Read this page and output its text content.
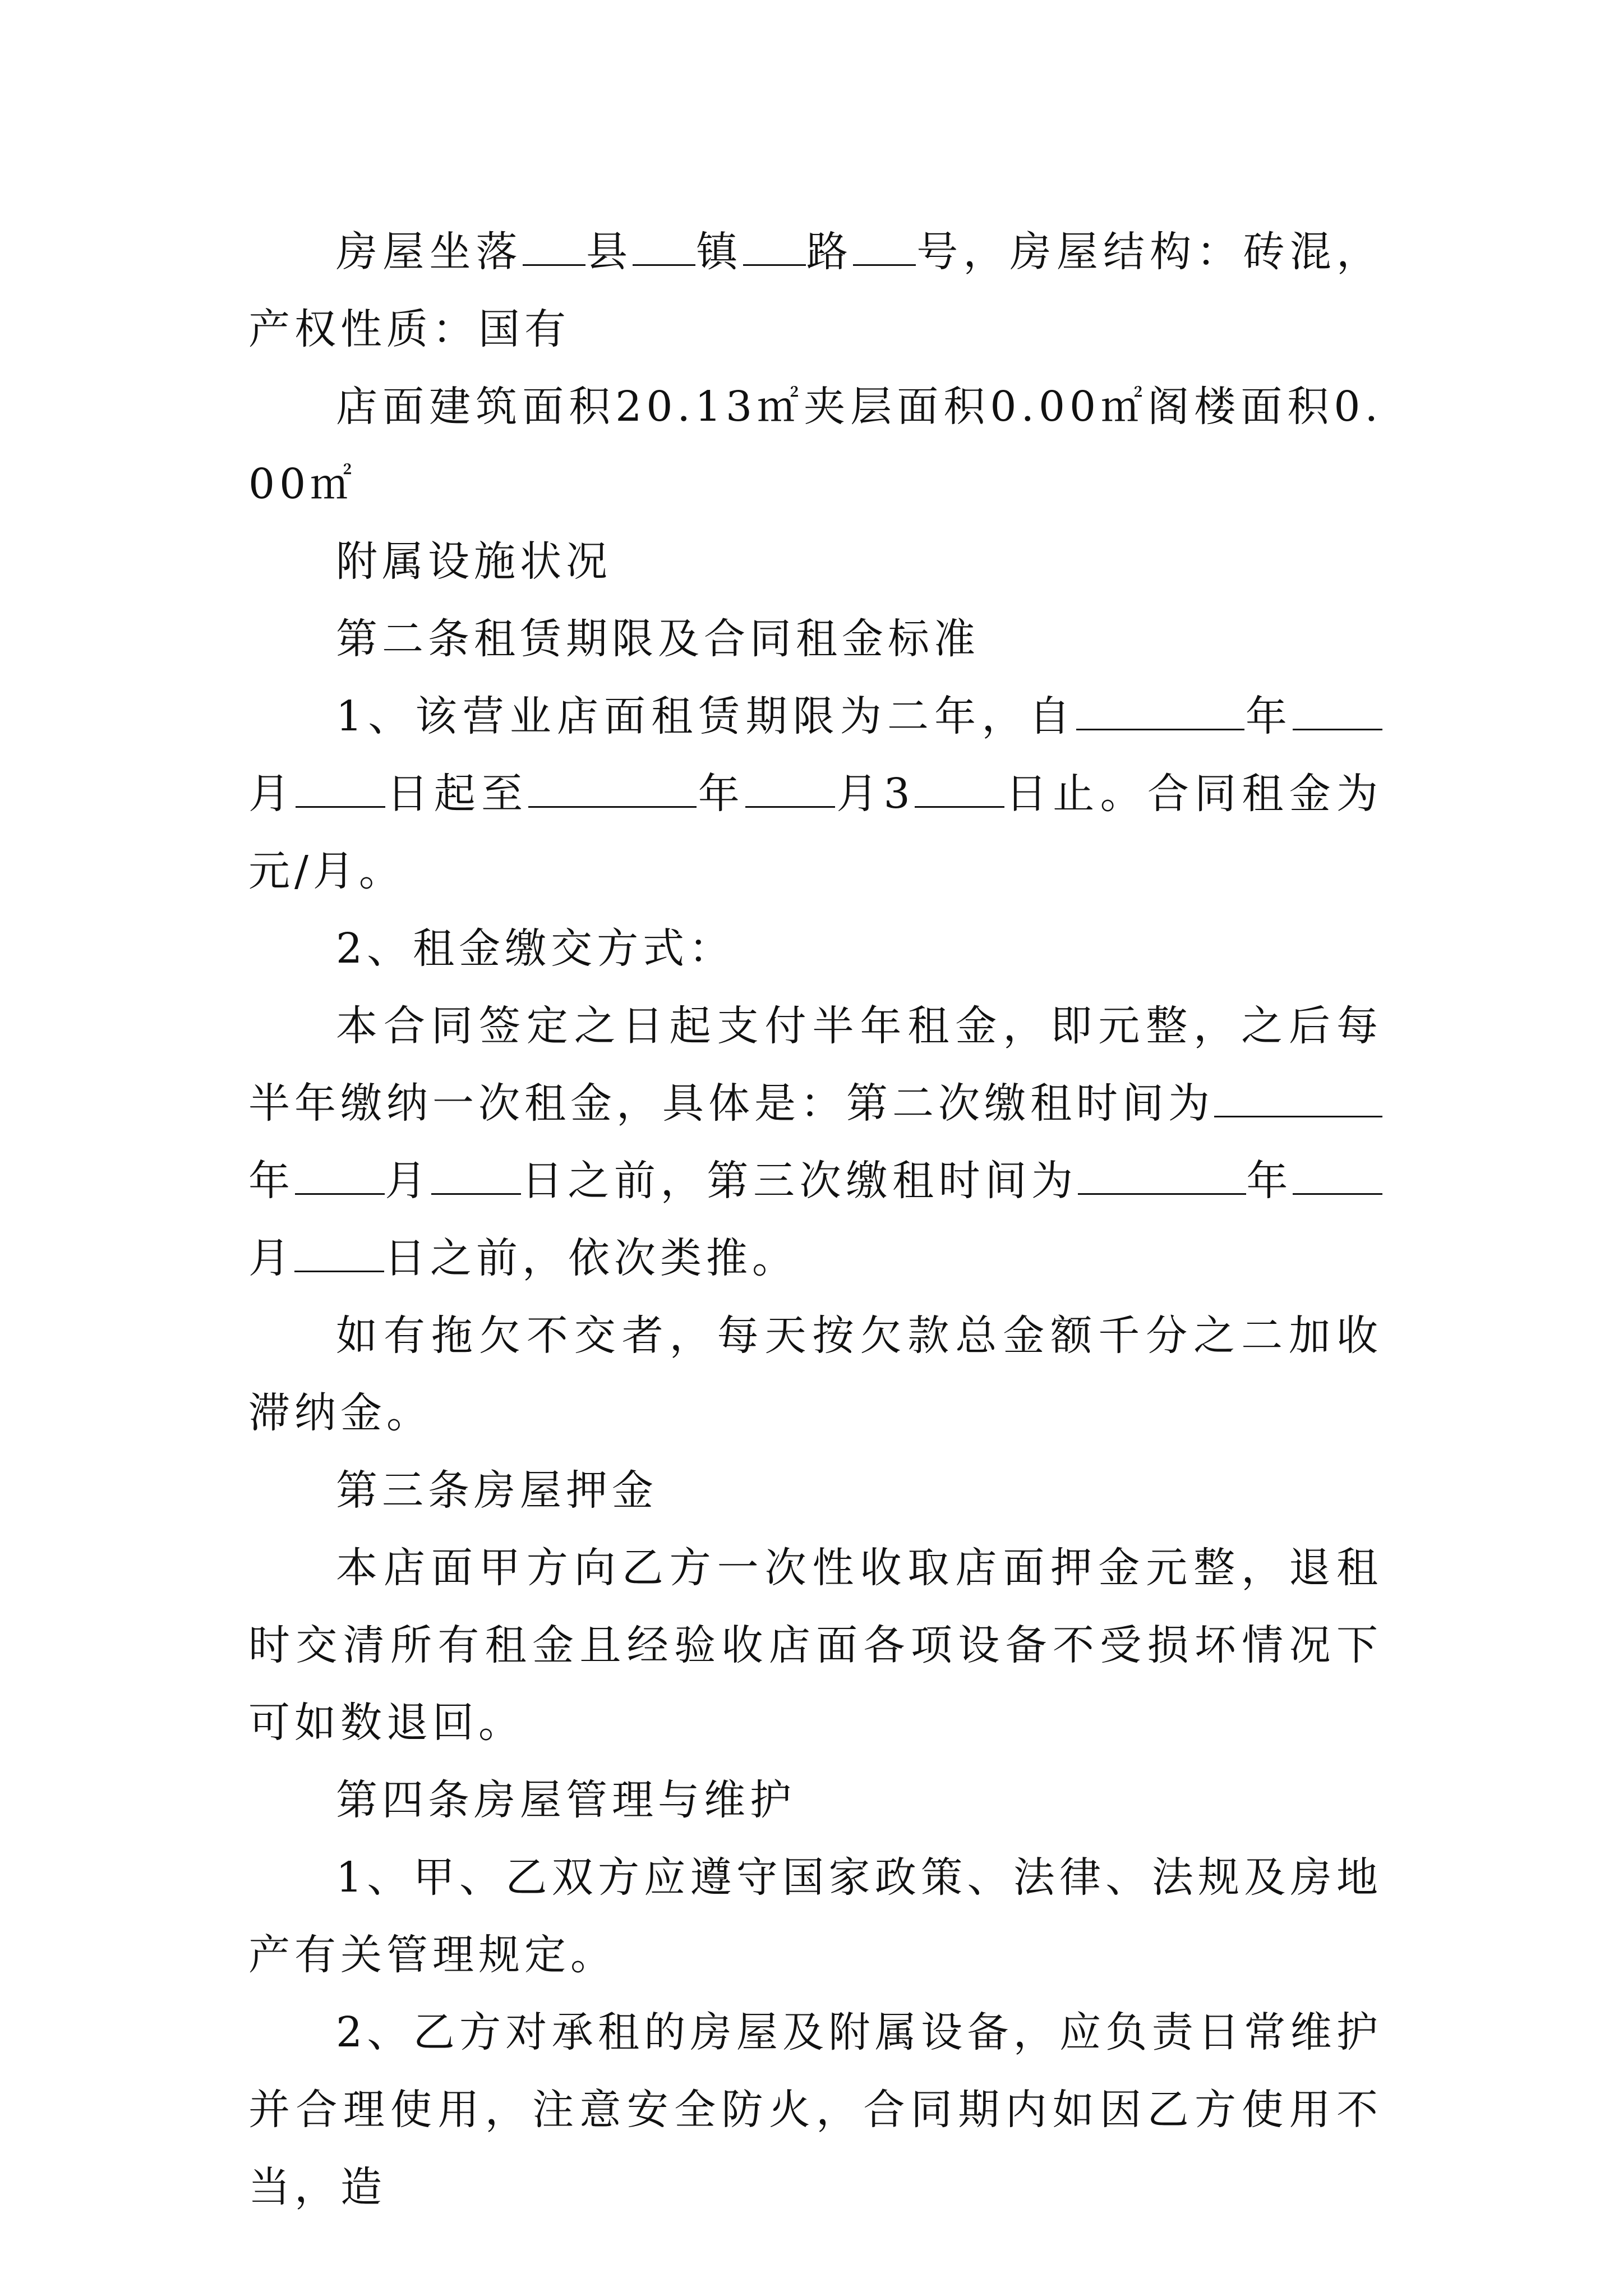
房屋坐落 县 镇 路 号，房屋结构：砖混，产权性质：国有

店面建筑面积20.13㎡夹层面积0.00㎡阁楼面积0.00㎡

附属设施状况

第二条租赁期限及合同租金标准

1、该营业店面租赁期限为二年，自	年月 日起至	年 月3 日止。合同租金为元/月。

2、租金缴交方式：

本合同签定之日起支付半年租金，即元整，之后每半年缴纳一次租金，具体是：第二次缴租时间为年 月 日之前，第三次缴租时间为	年月 日之前，依次类推。

如有拖欠不交者，每天按欠款总金额千分之二加收滞纳金。

第三条房屋押金

本店面甲方向乙方一次性收取店面押金元整，退租时交清所有租金且经验收店面各项设备不受损坏情况下可如数退回。

第四条房屋管理与维护

1、甲、乙双方应遵守国家政策、法律、法规及房地产有关管理规定。

2、乙方对承租的房屋及附属设备，应负责日常维护并合理使用，注意安全防火，合同期内如因乙方使用不当，造
